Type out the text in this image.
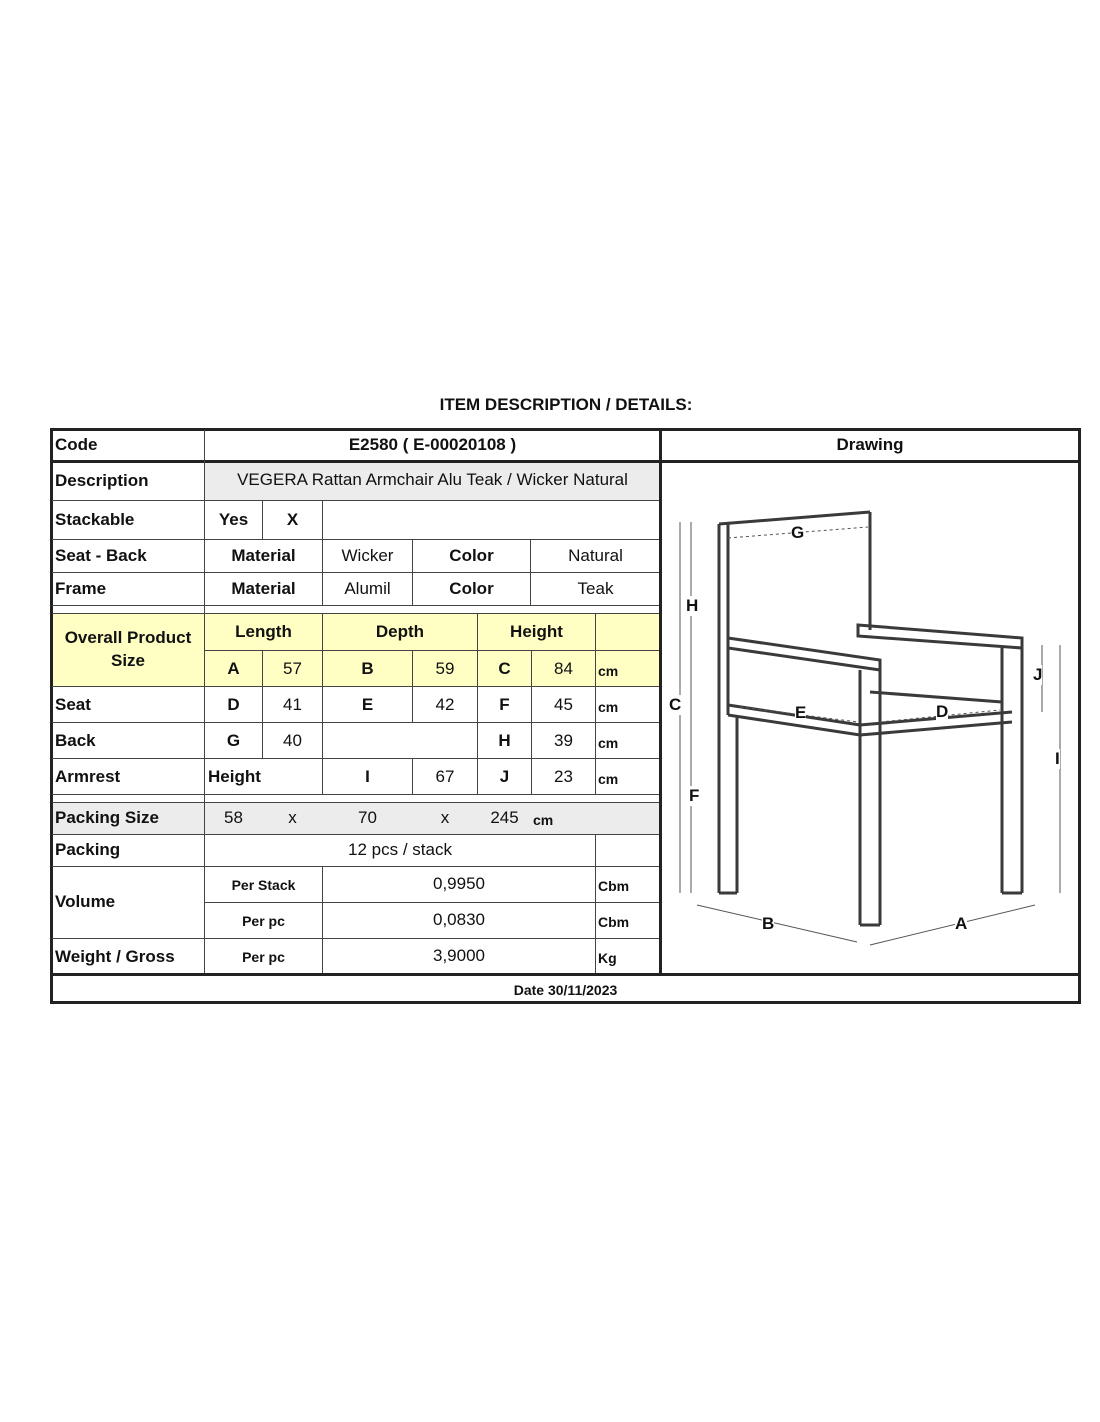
ITEM DESCRIPTION / DETAILS:
Code	E2580 ( E-00020108 )	Drawing
Description	VEGERA Rattan Armchair Alu Teak / Wicker Natural
Stackable	Yes	X
Seat - Back	Material	Wicker	Color	Natural
Frame	Material	Alumil	Color	Teak
Overall Product
Size
Length	Depth	Height
A	57	B	59	C	84	cm
Seat	D	41	E	42	F	45	cm
Back	G	40	H	39	cm
Armrest	Height	I	67	J	23	cm
Packing Size	58	x	70	x	245	cm
Packing	12 pcs / stack
Volume
Per Stack	0,9950	Cbm
Per pc	0,0830	Cbm
Weight / Gross	Per pc	3,9000	Kg
Date 30/11/2023
G
H
C
F
E	D
J
I
B	A
